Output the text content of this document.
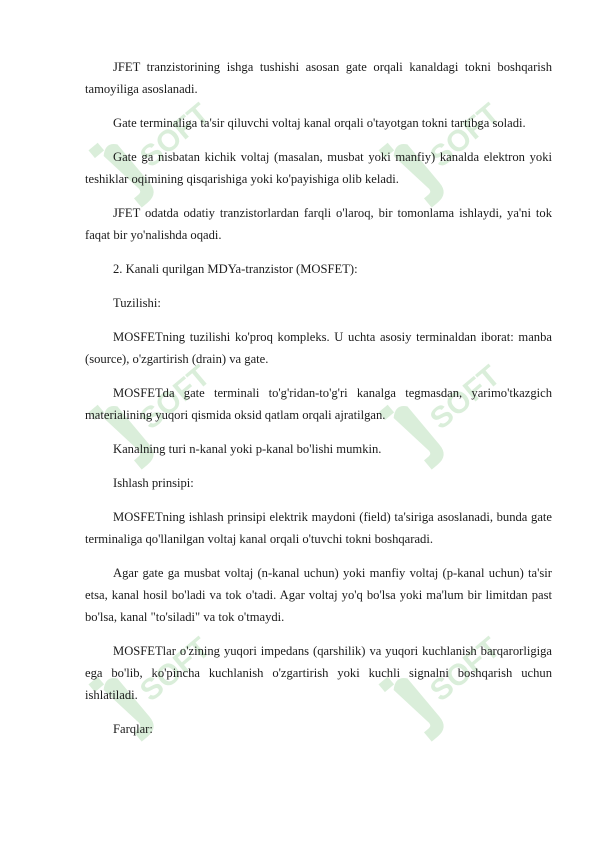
SOFT	SOFT
SOFT	SOFT
SOFT	SOFT

JFET tranzistorining ishga tushishi asosan gate orqali kanaldagi tokni boshqarish tamoyiliga asoslanadi.

Gate terminaliga ta'sir qiluvchi voltaj kanal orqali o'tayotgan tokni tartibga soladi.

Gate ga nisbatan kichik voltaj (masalan, musbat yoki manfiy) kanalda elektron yoki teshiklar oqimining qisqarishiga yoki ko'payishiga olib keladi.

JFET odatda odatiy tranzistorlardan farqli o'laroq, bir tomonlama ishlaydi, ya'ni tok faqat bir yo'nalishda oqadi.

2. Kanali qurilgan MDYa-tranzistor (MOSFET):

Tuzilishi:

MOSFETning tuzilishi ko'proq kompleks. U uchta asosiy terminaldan iborat: manba (source), o'zgartirish (drain) va gate.

MOSFETda gate terminali to'g'ridan-to'g'ri kanalga tegmasdan, yarimo'tkazgich materialining yuqori qismida oksid qatlam orqali ajratilgan.

Kanalning turi n-kanal yoki p-kanal bo'lishi mumkin.

Ishlash prinsipi:

MOSFETning ishlash prinsipi elektrik maydoni (field) ta'siriga asoslanadi, bunda gate terminaliga qo'llanilgan voltaj kanal orqali o'tuvchi tokni boshqaradi.

Agar gate ga musbat voltaj (n-kanal uchun) yoki manfiy voltaj (p-kanal uchun) ta'sir etsa, kanal hosil bo'ladi va tok o'tadi. Agar voltaj yo'q bo'lsa yoki ma'lum bir limitdan past bo'lsa, kanal "to'siladi" va tok o'tmaydi.

MOSFETlar o'zining yuqori impedans (qarshilik) va yuqori kuchlanish barqarorligiga ega bo'lib, ko'pincha kuchlanish o'zgartirish yoki kuchli signalni boshqarish uchun ishlatiladi.

Farqlar:
